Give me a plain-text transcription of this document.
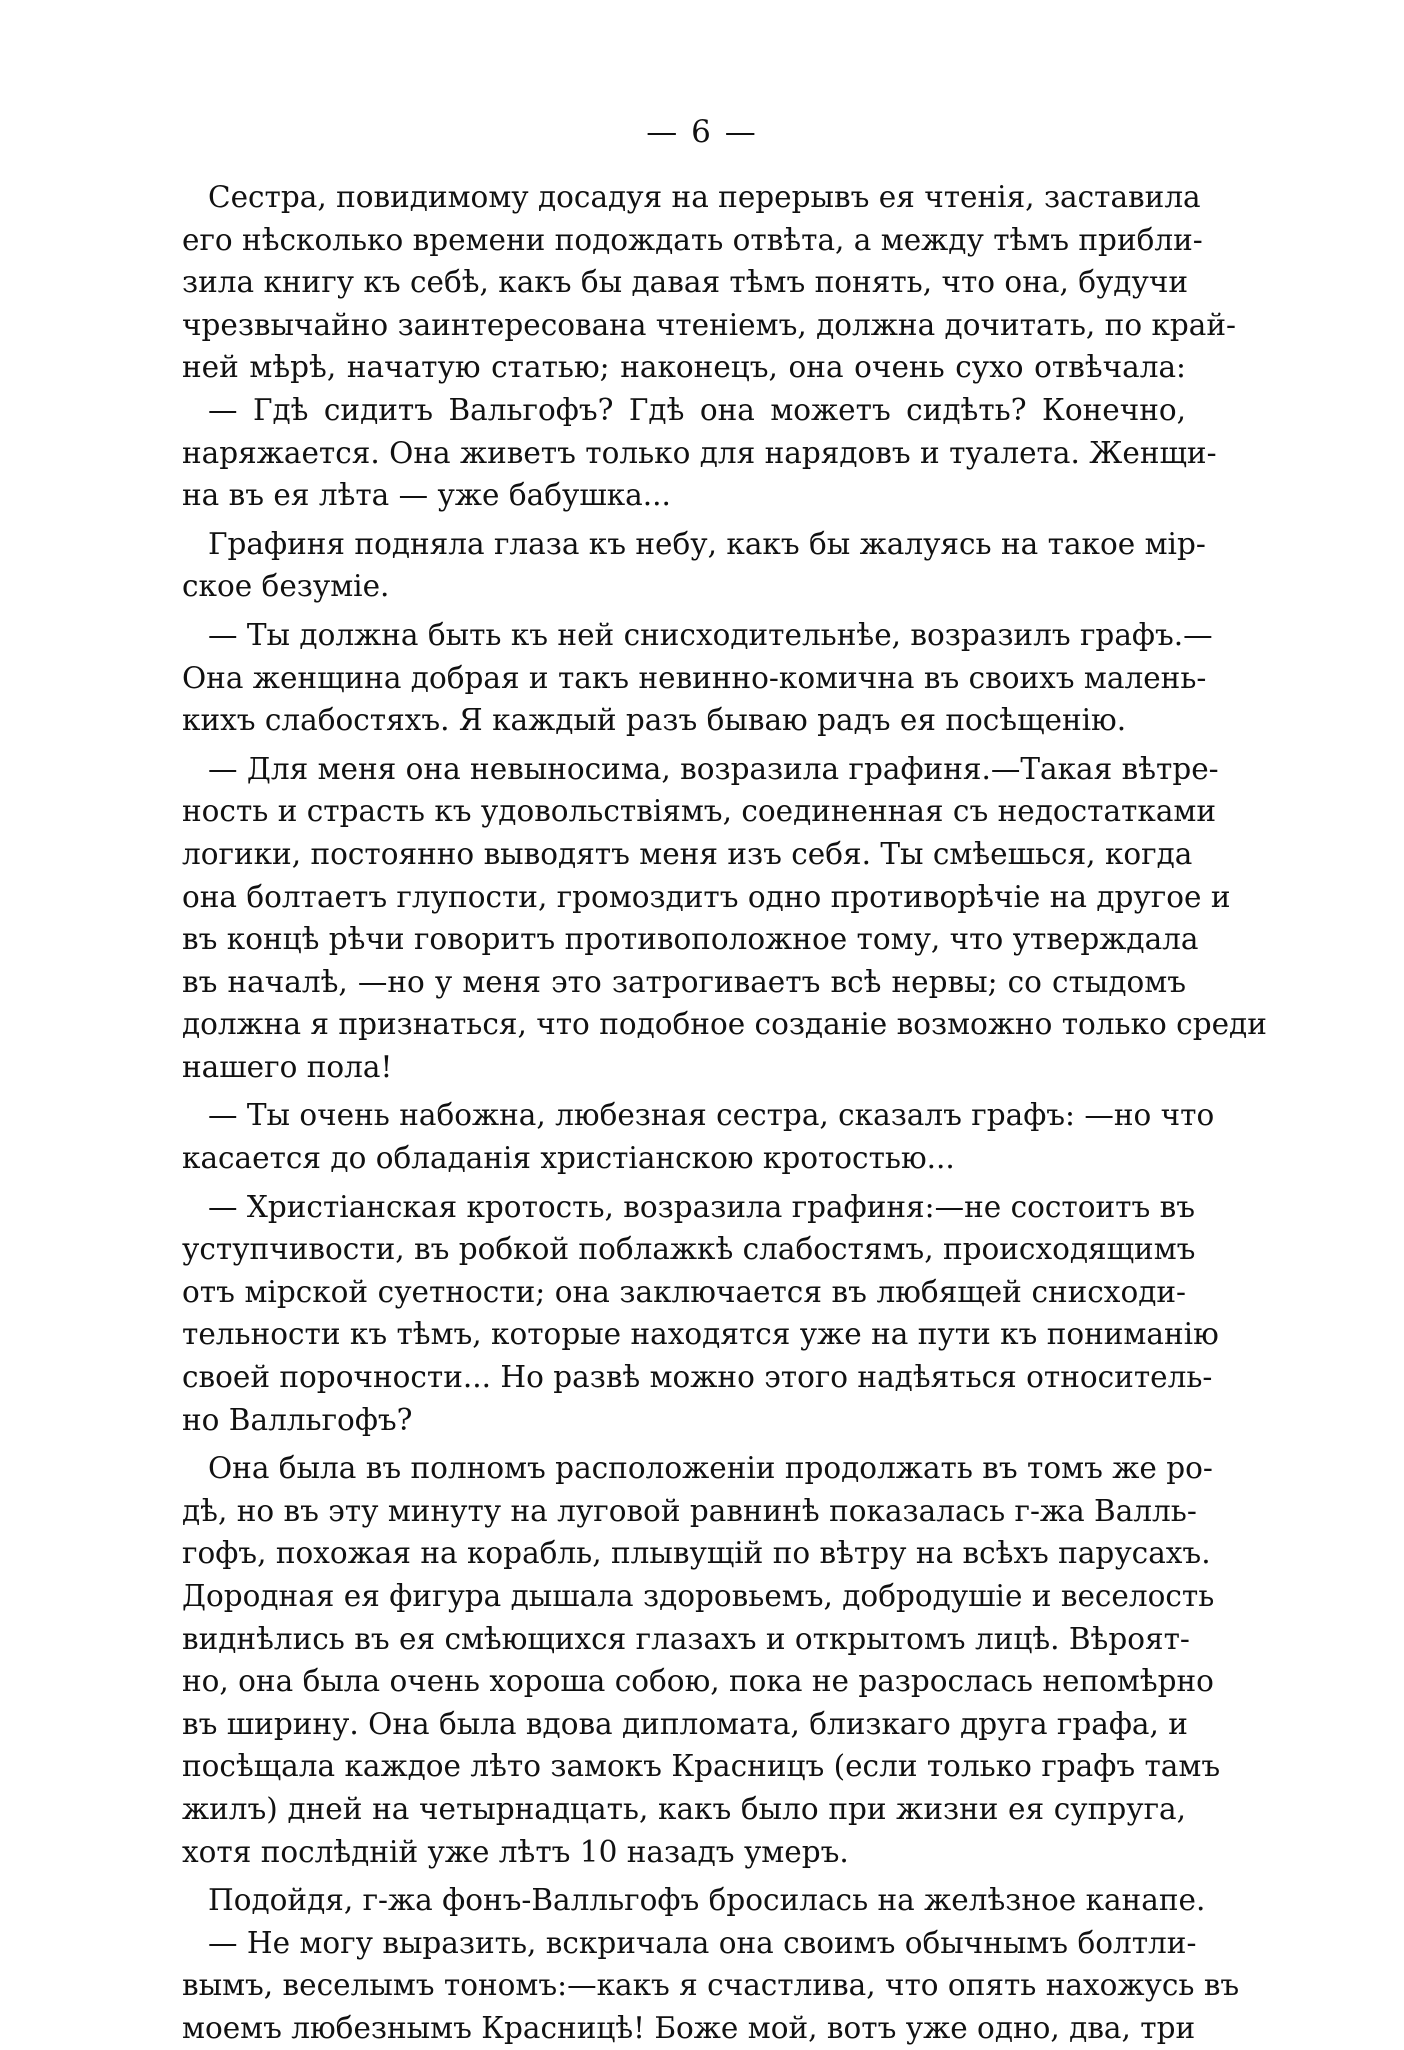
— 6 —
Сестра, повидимому досадуя на перерывъ ея чтенія, заставила
его нѣсколько времени подождать отвѣта, а между тѣмъ прибли-
зила книгу къ себѣ, какъ бы давая тѣмъ понять, что она, будучи
чрезвычайно заинтересована чтеніемъ, должна дочитать, по край-
ней мѣрѣ, начатую статью; наконецъ, она очень сухо отвѣчала:
— Гдѣ сидитъ Вальгофъ? Гдѣ она можетъ сидѣть? Конечно,
наряжается. Она живетъ только для нарядовъ и туалета. Женщи-
на въ ея лѣта — уже бабушка...
Графиня подняла глаза къ небу, какъ бы жалуясь на такое мір-
ское безуміе.
— Ты должна быть къ ней снисходительнѣе, возразилъ графъ.—
Она женщина добрая и такъ невинно-комична въ своихъ малень-
кихъ слабостяхъ. Я каждый разъ бываю радъ ея посѣщенію.
— Для меня она невыносима, возразила графиня.—Такая вѣтре-
ность и страсть къ удовольствіямъ, соединенная съ недостатками
логики, постоянно выводятъ меня изъ себя. Ты смѣешься, когда
она болтаетъ глупости, громоздитъ одно противорѣчіе на другое и
въ концѣ рѣчи говоритъ противоположное тому, что утверждала
въ началѣ, —но у меня это затрогиваетъ всѣ нервы; со стыдомъ
должна я признаться, что подобное созданіе возможно только среди
нашего пола!
— Ты очень набожна, любезная сестра, сказалъ графъ: —но что
касается до обладанія христіанскою кротостью...
— Христіанская кротость, возразила графиня:—не состоитъ въ
уступчивости, въ робкой поблажкѣ слабостямъ, происходящимъ
отъ мірской суетности; она заключается въ любящей снисходи-
тельности къ тѣмъ, которые находятся уже на пути къ пониманію
своей порочности... Но развѣ можно этого надѣяться относитель-
но Валльгофъ?
Она была въ полномъ расположеніи продолжать въ томъ же ро-
дѣ, но въ эту минуту на луговой равнинѣ показалась г-жа Валль-
гофъ, похожая на корабль, плывущій по вѣтру на всѣхъ парусахъ.
Дородная ея фигура дышала здоровьемъ, добродушіе и веселость
виднѣлись въ ея смѣющихся глазахъ и открытомъ лицѣ. Вѣроят-
но, она была очень хороша собою, пока не разрослась непомѣрно
въ ширину. Она была вдова дипломата, близкаго друга графа, и
посѣщала каждое лѣто замокъ Красницъ (если только графъ тамъ
жилъ) дней на четырнадцать, какъ было при жизни ея супруга,
хотя послѣдній уже лѣтъ 10 назадъ умеръ.
Подойдя, г-жа фонъ-Валльгофъ бросилась на желѣзное канапе.
— Не могу выразить, вскричала она своимъ обычнымъ болтли-
вымъ, веселымъ тономъ:—какъ я счастлива, что опять нахожусь въ
моемъ любезнымъ Красницѣ! Боже мой, вотъ уже одно, два, три
